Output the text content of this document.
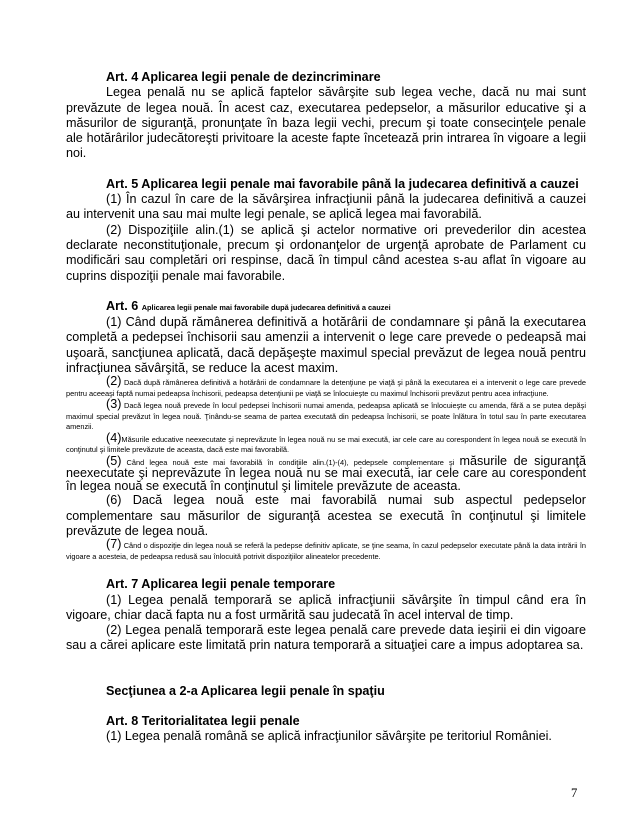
Art. 4 Aplicarea legii penale de dezincriminare

Legea penală nu se aplică faptelor săvârşite sub legea veche, dacă nu mai sunt prevăzute de legea nouă. În acest caz, executarea pedepselor, a măsurilor educative şi a măsurilor de siguranţă, pronunţate în baza legii vechi, precum şi toate consecinţele penale ale hotărârilor judecătoreşti privitoare la aceste fapte încetează prin intrarea în vigoare a legii noi.

Art. 5 Aplicarea legii penale mai favorabile până la judecarea definitivă a cauzei

(1) În cazul în care de la săvârşirea infracţiunii până la judecarea definitivă a cauzei au intervenit una sau mai multe legi penale, se aplică legea mai favorabilă.

(2) Dispoziţiile alin.(1) se aplică şi actelor normative ori prevederilor din acestea declarate neconstituţionale, precum şi ordonanţelor de urgenţă aprobate de Parlament cu modificări sau completări ori respinse, dacă în timpul când acestea s-au aflat în vigoare au cuprins dispoziţii penale mai favorabile.

Art. 6 Aplicarea legii penale mai favorabile după judecarea definitivă a cauzei

(1) Când după rămânerea definitivă a hotărârii de condamnare şi până la executarea completă a pedepsei închisorii sau amenzii a intervenit o lege care prevede o pedeapsă mai uşoară, sancţiunea aplicată, dacă depăşeşte maximul special prevăzut de legea nouă pentru infracţiunea săvârşită, se reduce la acest maxim.

(2) Dacă după rămânerea definitivă a hotărârii de condamnare la detenţiune pe viaţă şi până la executarea ei a intervenit o lege care prevede pentru aceeaşi faptă numai pedeapsa închisorii, pedeapsa detenţiunii pe viaţă se înlocuieşte cu maximul închisorii prevăzut pentru acea infracţiune.

(3) Dacă legea nouă prevede în locul pedepsei închisorii numai amenda, pedeapsa aplicată se înlocuieşte cu amenda, fără a se putea depăşi maximul special prevăzut în legea nouă. Ţinându-se seama de partea executată din pedeapsa închisorii, se poate înlătura în totul sau în parte executarea amenzii.

(4)Măsurile educative neexecutate şi neprevăzute în legea nouă nu se mai execută, iar cele care au corespondent în legea nouă se execută în conţinutul şi limitele prevăzute de aceasta, dacă este mai favorabilă.

(5) Când legea nouă este mai favorabilă în condiţiile alin.(1)-(4), pedepsele complementare şi măsurile de siguranţă neexecutate şi neprevăzute în legea nouă nu se mai execută, iar cele care au corespondent în legea nouă se execută în conţinutul şi limitele prevăzute de aceasta.

(6) Dacă legea nouă este mai favorabilă numai sub aspectul pedepselor complementare sau măsurilor de siguranţă acestea se execută în conţinutul şi limitele prevăzute de legea nouă.

(7) Când o dispoziţie din legea nouă se referă la pedepse definitiv aplicate, se ţine seama, în cazul pedepselor executate până la data intrării în vigoare a acesteia, de pedeapsa redusă sau înlocuită potrivit dispoziţiilor alineatelor precedente.

Art. 7 Aplicarea legii penale temporare

(1) Legea penală temporară se aplică infracţiunii săvârşite în timpul când era în vigoare, chiar dacă fapta nu a fost urmărită sau judecată în acel interval de timp.

(2) Legea penală temporară este legea penală care prevede data ieşirii ei din vigoare sau a cărei aplicare este limitată prin natura temporară a situaţiei care a impus adoptarea sa.

Secţiunea a 2-a Aplicarea legii penale în spaţiu

Art. 8 Teritorialitatea legii penale

(1) Legea penală română se aplică infracţiunilor săvârşite pe teritoriul României.

7
